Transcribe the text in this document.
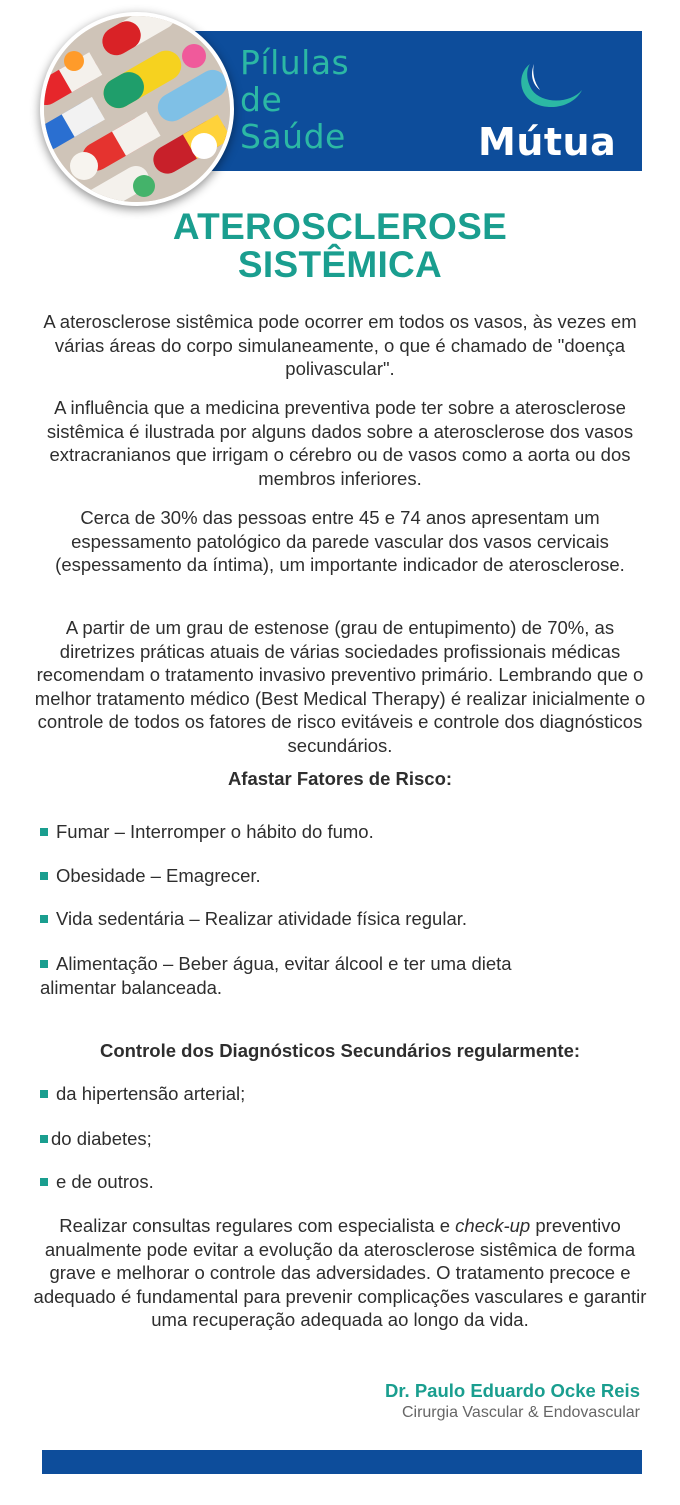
Pílulas
de
Saúde	Mútua
ATEROSCLEROSE
SISTÊMICA
A aterosclerose sistêmica pode ocorrer em todos os vasos, às vezes em várias áreas do corpo simulaneamente, o que é chamado de "doença polivascular".
A influência que a medicina preventiva pode ter sobre a aterosclerose sistêmica é ilustrada por alguns dados sobre a aterosclerose dos vasos extracranianos que irrigam o cérebro ou de vasos como a aorta ou dos membros inferiores.
Cerca de 30% das pessoas entre 45 e 74 anos apresentam um espessamento patológico da parede vascular dos vasos cervicais (espessamento da íntima), um importante indicador de aterosclerose.
A partir de um grau de estenose (grau de entupimento) de 70%, as diretrizes práticas atuais de várias sociedades profissionais médicas recomendam o tratamento invasivo preventivo primário. Lembrando que o melhor tratamento médico (Best Medical Therapy) é realizar inicialmente o controle de todos os fatores de risco evitáveis e controle dos diagnósticos secundários.
Afastar Fatores de Risco:
Fumar – Interromper o hábito do fumo.
Obesidade – Emagrecer.
Vida sedentária – Realizar atividade física regular.
Alimentação – Beber água, evitar álcool e ter uma dieta alimentar balanceada.
Controle dos Diagnósticos Secundários regularmente:
da hipertensão arterial;
do diabetes;
e de outros.
Realizar consultas regulares com especialista e check-up preventivo anualmente pode evitar a evolução da aterosclerose sistêmica de forma grave e melhorar o controle das adversidades. O tratamento precoce e adequado é fundamental para prevenir complicações vasculares e garantir uma recuperação adequada ao longo da vida.
Dr. Paulo Eduardo Ocke Reis
Cirurgia Vascular & Endovascular
